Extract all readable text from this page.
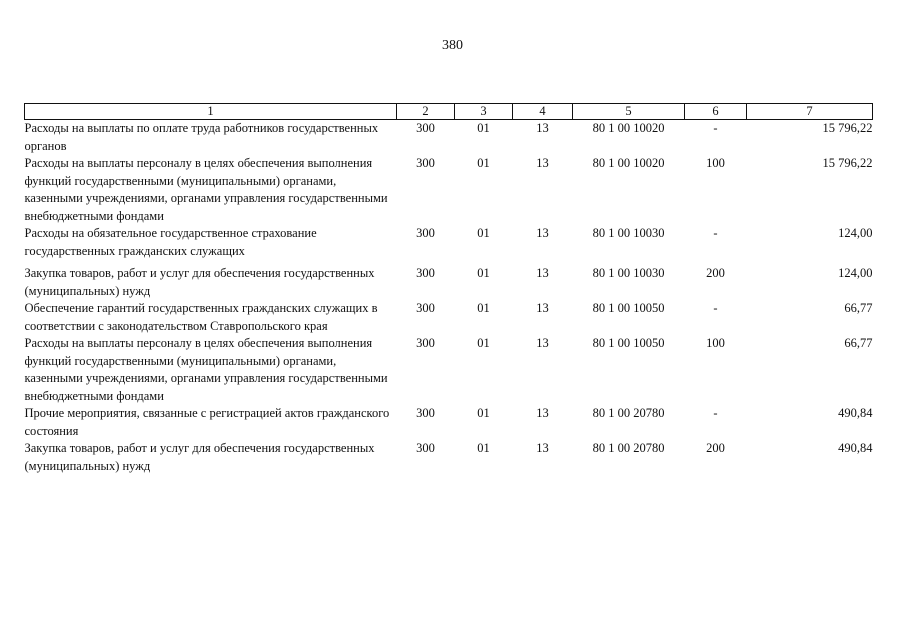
380
1	2	3	4	5	6	7
Расходы на выплаты по оплате труда работников государственных органов	300	01	13	80 1 00 10020	-	15 796,22
Расходы на выплаты персоналу в целях обеспечения выполнения функций государственными (муниципальными) органами, казенными учреждениями, органами управления государственными внебюджетными фондами	300	01	13	80 1 00 10020	100	15 796,22
Расходы на обязательное государственное страхование государственных гражданских служащих	300	01	13	80 1 00 10030	-	124,00
Закупка товаров, работ и услуг для обеспечения государственных (муниципальных) нужд	300	01	13	80 1 00 10030	200	124,00
Обеспечение гарантий государственных гражданских служащих в соответствии с законодательством Ставропольского края	300	01	13	80 1 00 10050	-	66,77
Расходы на выплаты персоналу в целях обеспечения выполнения функций государственными (муниципальными) органами, казенными учреждениями, органами управления государственными внебюджетными фондами	300	01	13	80 1 00 10050	100	66,77
Прочие мероприятия, связанные с регистрацией актов гражданского состояния	300	01	13	80 1 00 20780	-	490,84
Закупка товаров, работ и услуг для обеспечения государственных (муниципальных) нужд	300	01	13	80 1 00 20780	200	490,84
